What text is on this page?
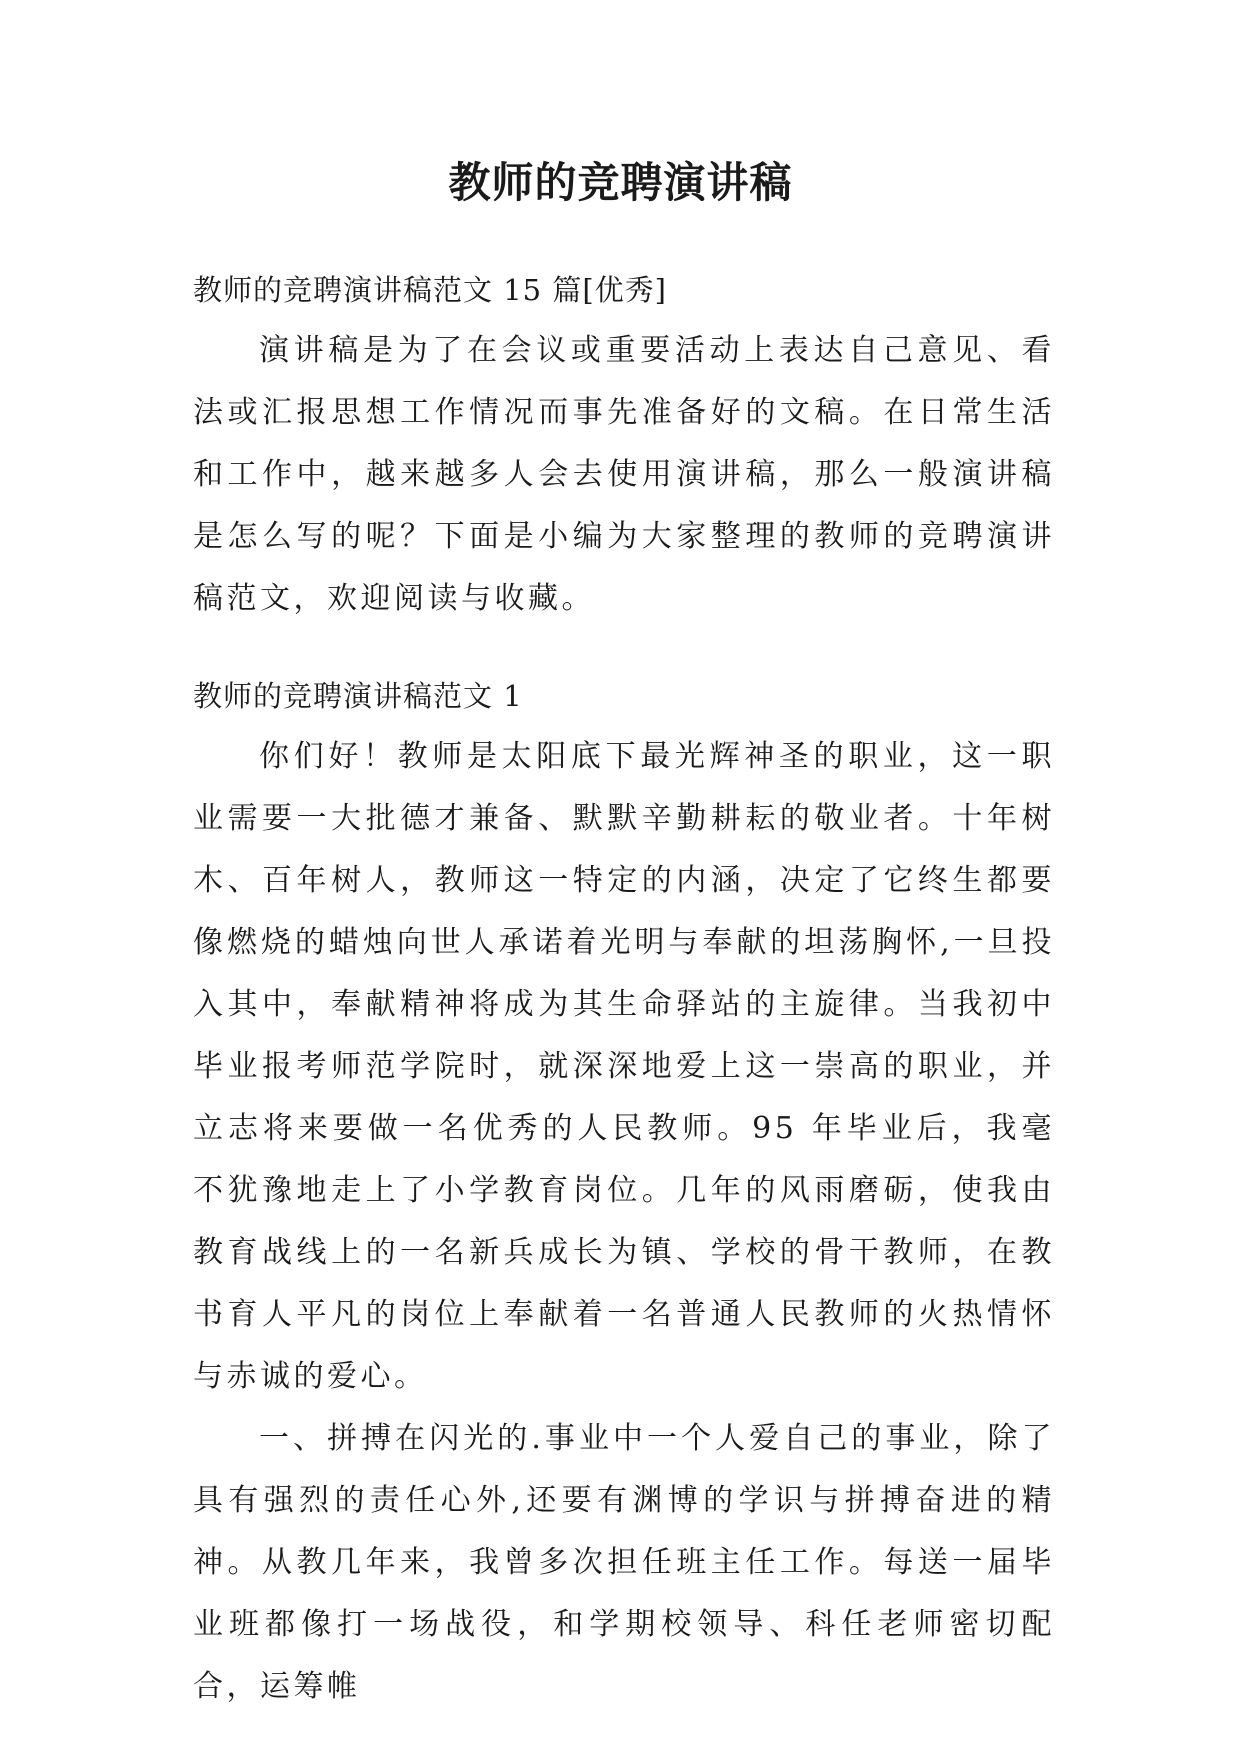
教师的竞聘演讲稿

教师的竞聘演讲稿范文 15 篇[优秀]

演讲稿是为了在会议或重要活动上表达自己意见、看法或汇报思想工作情况而事先准备好的文稿。在日常生活和工作中，越来越多人会去使用演讲稿，那么一般演讲稿是怎么写的呢？下面是小编为大家整理的教师的竞聘演讲稿范文，欢迎阅读与收藏。

教师的竞聘演讲稿范文 1

你们好！教师是太阳底下最光辉神圣的职业，这一职业需要一大批德才兼备、默默辛勤耕耘的敬业者。十年树木、百年树人，教师这一特定的内涵，决定了它终生都要像燃烧的蜡烛向世人承诺着光明与奉献的坦荡胸怀,一旦投入其中，奉献精神将成为其生命驿站的主旋律。当我初中毕业报考师范学院时，就深深地爱上这一崇高的职业，并立志将来要做一名优秀的人民教师。95 年毕业后，我毫不犹豫地走上了小学教育岗位。几年的风雨磨砺，使我由教育战线上的一名新兵成长为镇、学校的骨干教师，在教书育人平凡的岗位上奉献着一名普通人民教师的火热情怀与赤诚的爱心。

一、拼搏在闪光的.事业中一个人爱自己的事业，除了具有强烈的责任心外,还要有渊博的学识与拼搏奋进的精神。从教几年来，我曾多次担任班主任工作。每送一届毕业班都像打一场战役，和学期校领导、科任老师密切配合，运筹帷
